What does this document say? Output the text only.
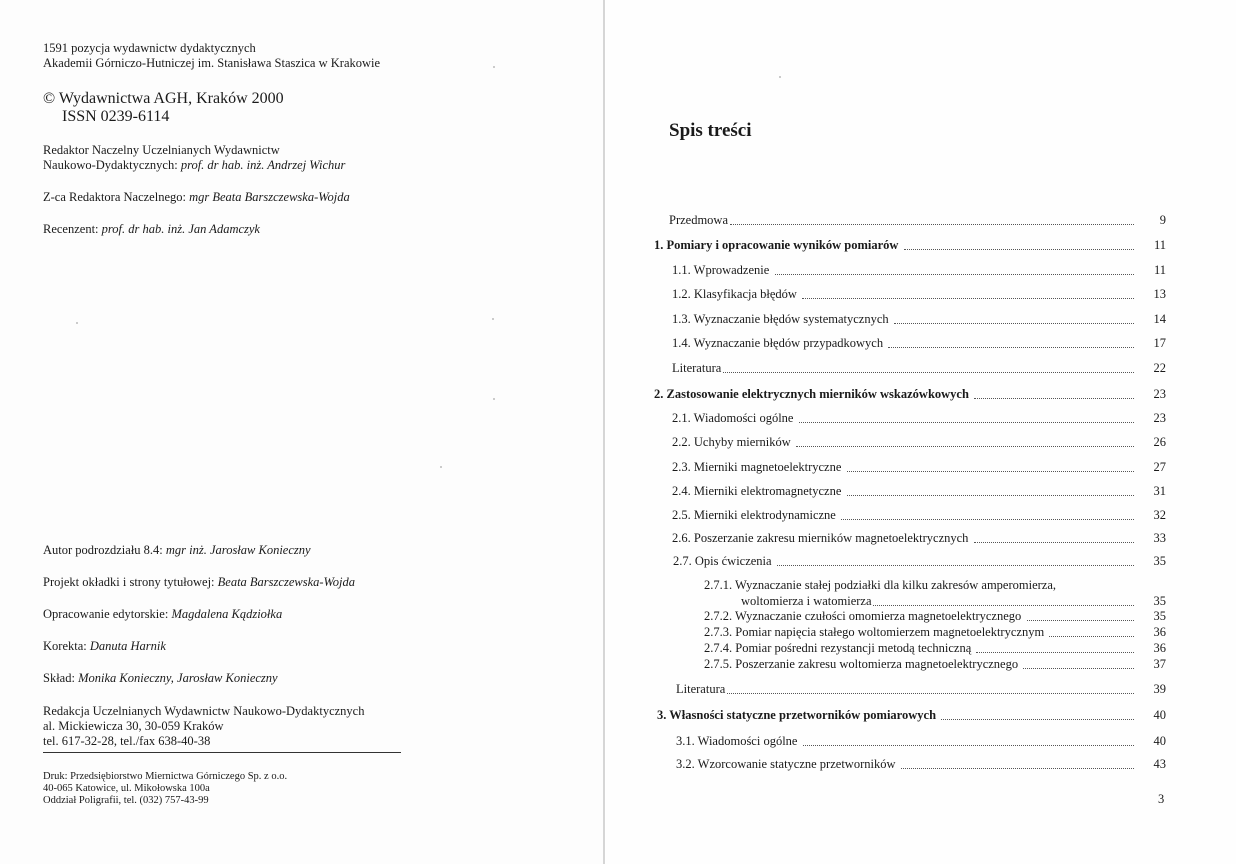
1591 pozycja wydawnictw dydaktycznych
Akademii Górniczo-Hutniczej im. Stanisława Staszica w Krakowie
© Wydawnictwa AGH, Kraków 2000
ISSN 0239-6114
Redaktor Naczelny Uczelnianych Wydawnictw
Naukowo-Dydaktycznych: prof. dr hab. inż. Andrzej Wichur
Z-ca Redaktora Naczelnego: mgr Beata Barszczewska-Wojda
Recenzent: prof. dr hab. inż. Jan Adamczyk
Autor podrozdziału 8.4: mgr inż. Jarosław Konieczny
Projekt okładki i strony tytułowej: Beata Barszczewska-Wojda
Opracowanie edytorskie: Magdalena Kądziołka
Korekta: Danuta Harnik
Skład: Monika Konieczny, Jarosław Konieczny
Redakcja Uczelnianych Wydawnictw Naukowo-Dydaktycznych
al. Mickiewicza 30, 30-059 Kraków
tel. 617-32-28, tel./fax 638-40-38
Druk: Przedsiębiorstwo Miernictwa Górniczego Sp. z o.o.
40-065 Katowice, ul. Mikołowska 100a
Oddział Poligrafii, tel. (032) 757-43-99
Spis treści
Przedmowa	9
1. Pomiary i opracowanie wyników pomiarów	11
1.1. Wprowadzenie	11
1.2. Klasyfikacja błędów	13
1.3. Wyznaczanie błędów systematycznych	14
1.4. Wyznaczanie błędów przypadkowych	17
Literatura	22
2. Zastosowanie elektrycznych mierników wskazówkowych	23
2.1. Wiadomości ogólne	23
2.2. Uchyby mierników	26
2.3. Mierniki magnetoelektryczne	27
2.4. Mierniki elektromagnetyczne	31
2.5. Mierniki elektrodynamiczne	32
2.6. Poszerzanie zakresu mierników magnetoelektrycznych	33
2.7. Opis ćwiczenia	35
2.7.1. Wyznaczanie stałej podziałki dla kilku zakresów amperomierza,
woltomierza i watomierza	35
2.7.2. Wyznaczanie czułości omomierza magnetoelektrycznego	35
2.7.3. Pomiar napięcia stałego woltomierzem magnetoelektrycznym	36
2.7.4. Pomiar pośredni rezystancji metodą techniczną	36
2.7.5. Poszerzanie zakresu woltomierza magnetoelektrycznego	37
Literatura	39
3. Własności statyczne przetworników pomiarowych	40
3.1. Wiadomości ogólne	40
3.2. Wzorcowanie statyczne przetworników	43
3
